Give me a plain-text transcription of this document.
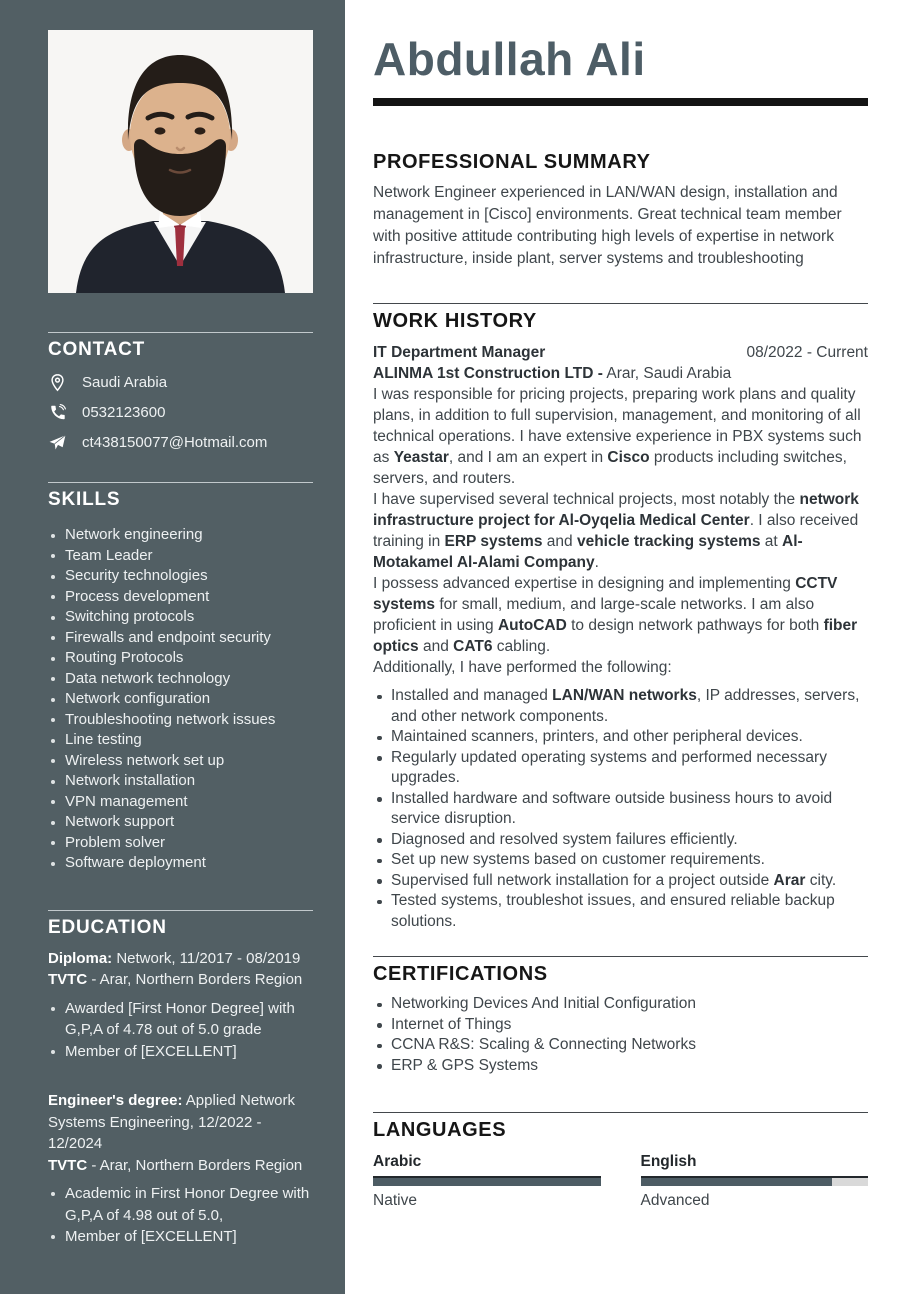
CONTACT
Saudi Arabia
0532123600
ct438150077@Hotmail.com
SKILLS
Network engineering
Team Leader
Security technologies
Process development
Switching protocols
Firewalls and endpoint security
Routing Protocols
Data network technology
Network configuration
Troubleshooting network issues
Line testing
Wireless network set up
Network installation
VPN management
Network support
Problem solver
Software deployment
EDUCATION

Diploma: Network, 11/2017 - 08/2019

TVTC - Arar, Northern Borders Region

Awarded [First Honor Degree] with G,P,A of 4.78 out of 5.0 grade
Member of [EXCELLENT]

Engineer's degree: Applied Network Systems Engineering, 12/2022 - 12/2024

TVTC - Arar, Northern Borders Region

Academic in First Honor Degree with G,P,A of 4.98 out of 5.0,
Member of [EXCELLENT]
Abdullah Ali
PROFESSIONAL SUMMARY

Network Engineer experienced in LAN/WAN design, installation and management in [Cisco] environments. Great technical team member with positive attitude contributing high levels of expertise in network infrastructure, inside plant, server systems and troubleshooting

WORK HISTORY
IT Department Manager	08/2022 - Current

ALINMA 1st Construction LTD - Arar, Saudi Arabia

I was responsible for pricing projects, preparing work plans and quality plans, in addition to full supervision, management, and monitoring of all technical operations. I have extensive experience in PBX systems such as Yeastar, and I am an expert in Cisco products including switches, servers, and routers.

I have supervised several technical projects, most notably the network infrastructure project for Al-Oyqelia Medical Center. I also received training in ERP systems and vehicle tracking systems at Al-Motakamel Al-Alami Company.

I possess advanced expertise in designing and implementing CCTV systems for small, medium, and large-scale networks. I am also proficient in using AutoCAD to design network pathways for both fiber optics and CAT6 cabling.

Additionally, I have performed the following:

Installed and managed LAN/WAN networks, IP addresses, servers, and other network components.
Maintained scanners, printers, and other peripheral devices.
Regularly updated operating systems and performed necessary upgrades.
Installed hardware and software outside business hours to avoid service disruption.
Diagnosed and resolved system failures efficiently.
Set up new systems based on customer requirements.
Supervised full network installation for a project outside Arar city.
Tested systems, troubleshot issues, and ensured reliable backup solutions.
CERTIFICATIONS
Networking Devices And Initial Configuration
Internet of Things
CCNA R&S: Scaling & Connecting Networks
ERP & GPS Systems
LANGUAGES

Arabic

Native

English

Advanced
